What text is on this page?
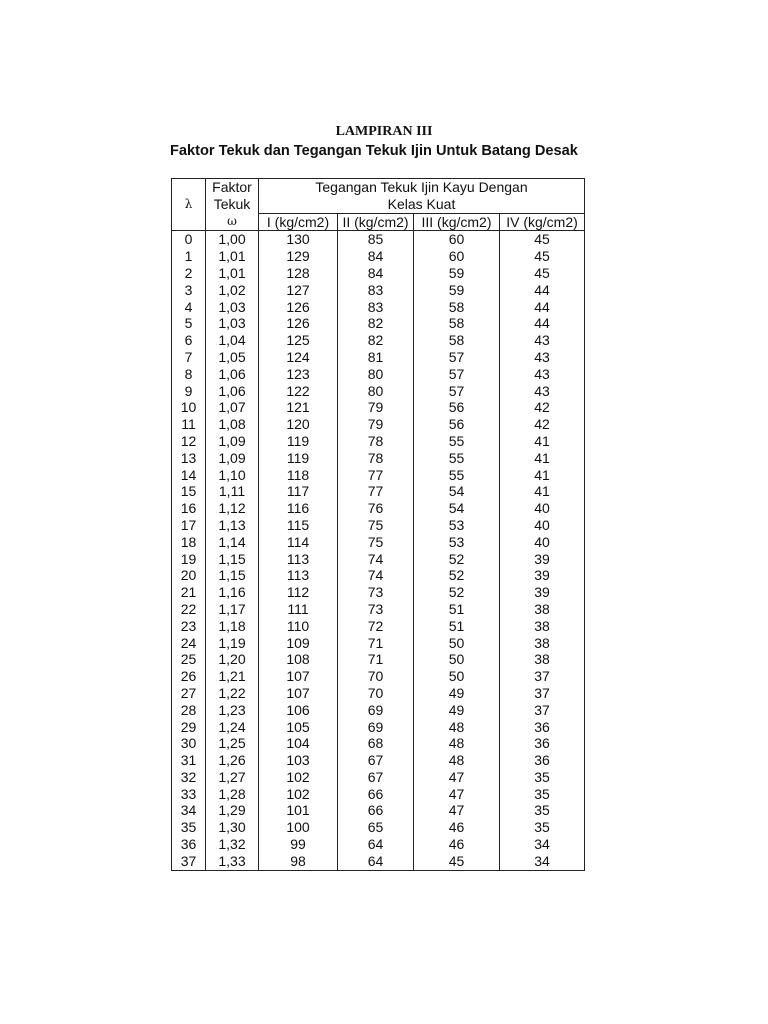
LAMPIRAN III
Faktor Tekuk dan Tegangan Tekuk Ijin Untuk Batang Desak
	Faktor	Tegangan Tekuk Ijin Kayu Dengan			
λ	Tekuk	Kelas Kuat			
	ω	I (kg/cm2)	II (kg/cm2)	III (kg/cm2)	IV (kg/cm2)
0	1,00	130	85	60	45
1	1,01	129	84	60	45
2	1,01	128	84	59	45
3	1,02	127	83	59	44
4	1,03	126	83	58	44
5	1,03	126	82	58	44
6	1,04	125	82	58	43
7	1,05	124	81	57	43
8	1,06	123	80	57	43
9	1,06	122	80	57	43
10	1,07	121	79	56	42
11	1,08	120	79	56	42
12	1,09	119	78	55	41
13	1,09	119	78	55	41
14	1,10	118	77	55	41
15	1,11	117	77	54	41
16	1,12	116	76	54	40
17	1,13	115	75	53	40
18	1,14	114	75	53	40
19	1,15	113	74	52	39
20	1,15	113	74	52	39
21	1,16	112	73	52	39
22	1,17	111	73	51	38
23	1,18	110	72	51	38
24	1,19	109	71	50	38
25	1,20	108	71	50	38
26	1,21	107	70	50	37
27	1,22	107	70	49	37
28	1,23	106	69	49	37
29	1,24	105	69	48	36
30	1,25	104	68	48	36
31	1,26	103	67	48	36
32	1,27	102	67	47	35
33	1,28	102	66	47	35
34	1,29	101	66	47	35
35	1,30	100	65	46	35
36	1,32	99	64	46	34
37	1,33	98	64	45	34
